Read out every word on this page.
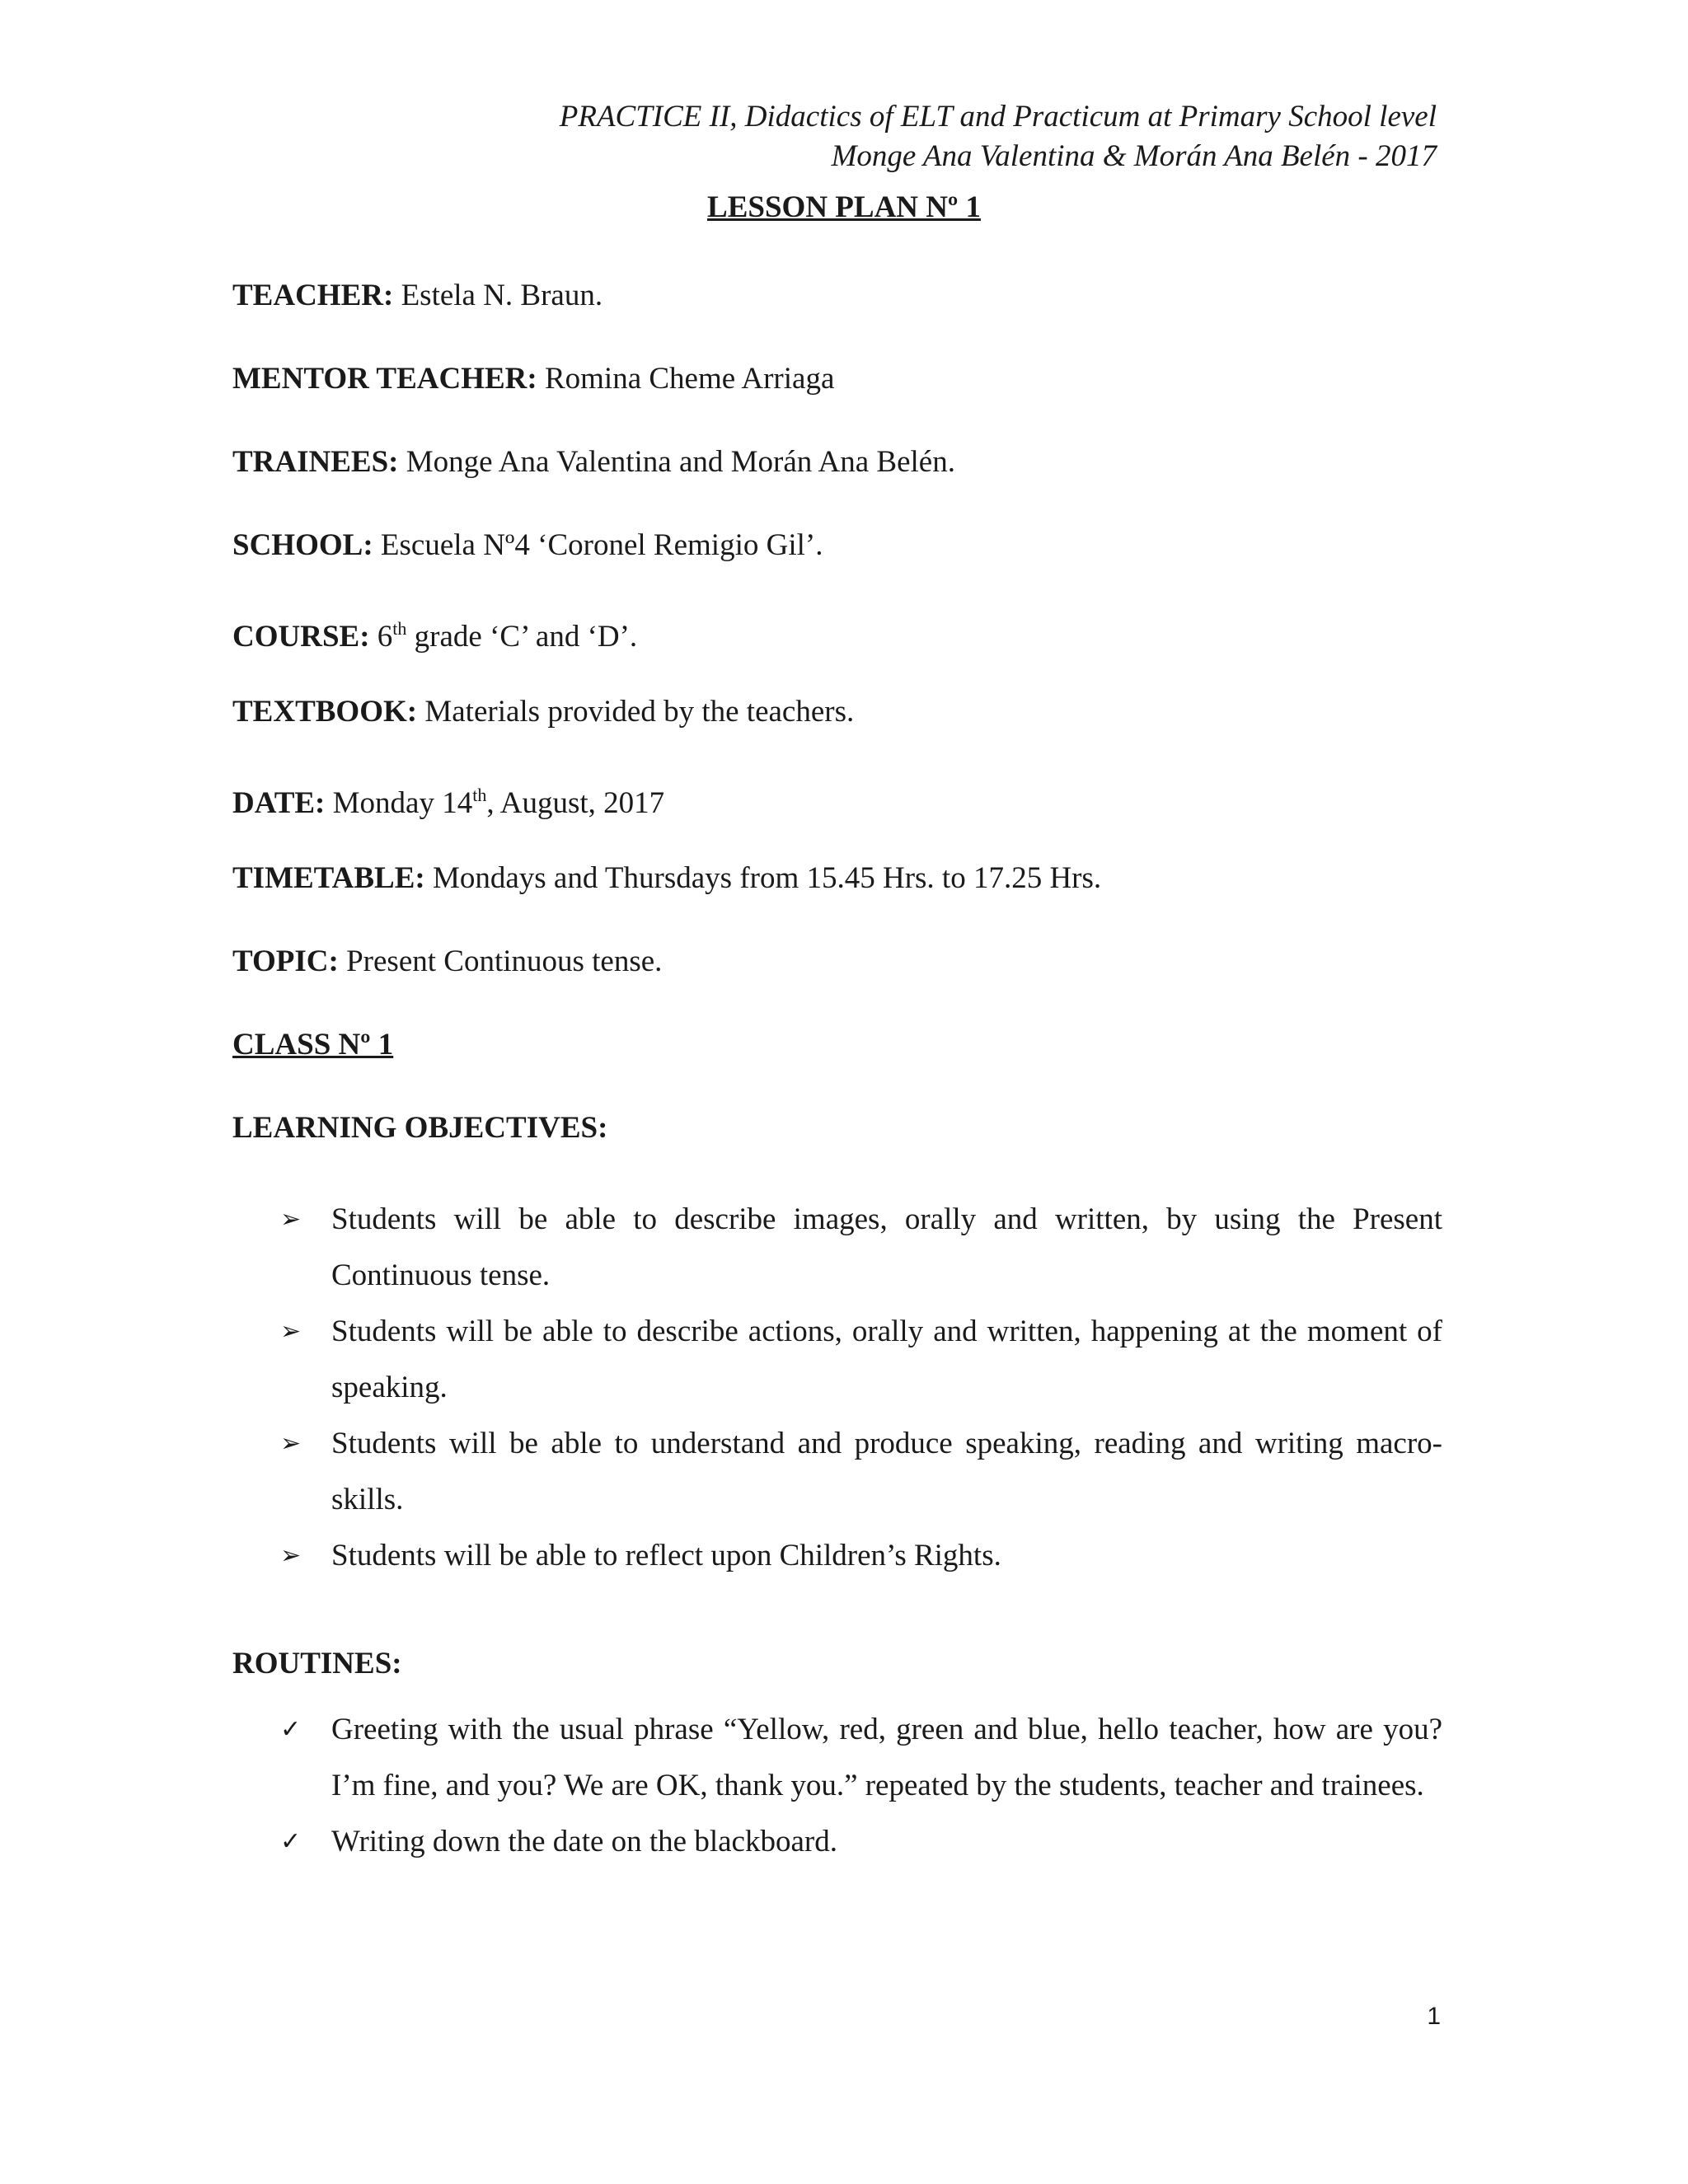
PRACTICE II, Didactics of ELT and Practicum at Primary School level
Monge Ana Valentina & Morán Ana Belén - 2017
LESSON PLAN Nº 1
TEACHER: Estela N. Braun.
MENTOR TEACHER: Romina Cheme Arriaga
TRAINEES: Monge Ana Valentina and Morán Ana Belén.
SCHOOL: Escuela Nº4 ‘Coronel Remigio Gil’.
COURSE: 6th grade ‘C’ and ‘D’.
TEXTBOOK: Materials provided by the teachers.
DATE: Monday 14th, August, 2017
TIMETABLE: Mondays and Thursdays from 15.45 Hrs. to 17.25 Hrs.
TOPIC: Present Continuous tense.
CLASS Nº 1
LEARNING OBJECTIVES:
➢ Students will be able to describe images, orally and written, by using the Present Continuous tense.
➢ Students will be able to describe actions, orally and written, happening at the moment of speaking.
➢ Students will be able to understand and produce speaking, reading and writing macro-skills.
➢ Students will be able to reflect upon Children’s Rights.
ROUTINES:
✓ Greeting with the usual phrase “Yellow, red, green and blue, hello teacher, how are you? I’m fine, and you? We are OK, thank you.” repeated by the students, teacher and trainees.
✓ Writing down the date on the blackboard.
1
